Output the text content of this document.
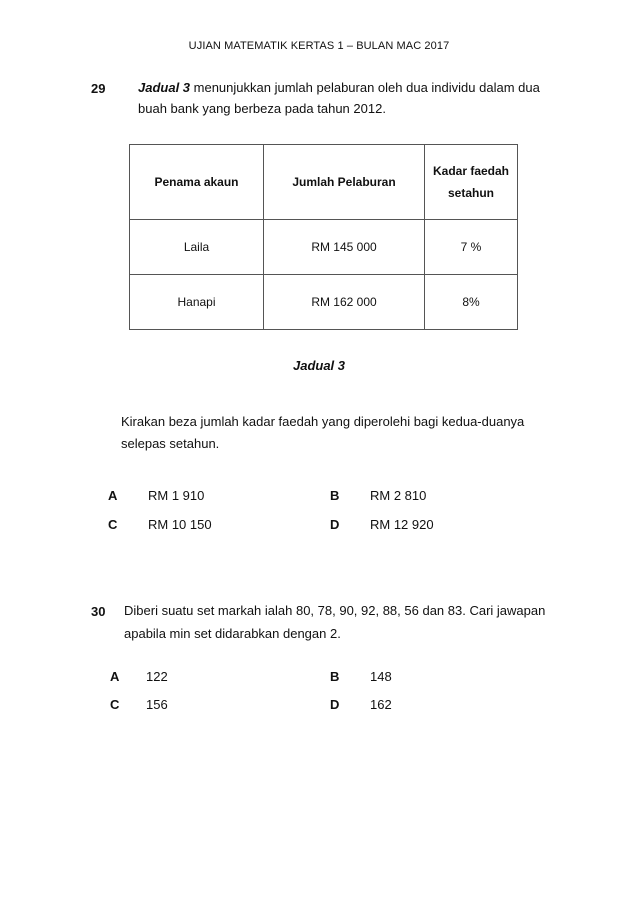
UJIAN MATEMATIK KERTAS 1 – BULAN MAC 2017
29	Jadual 3 menunjukkan jumlah pelaburan oleh dua individu dalam dua
buah bank yang berbeza pada tahun 2012.
Penama akaun	Jumlah Pelaburan	Kadar faedah setahun
Laila	RM 145 000	7 %
Hanapi	RM 162 000	8%
Jadual 3
Kirakan beza jumlah kadar faedah yang diperolehi bagi kedua-duanya
selepas setahun.
A RM 1 910	B RM 2 810
C RM 10 150	D RM 12 920
30 Diberi suatu set markah ialah 80, 78, 90, 92, 88, 56 dan 83. Cari jawapan
apabila min set didarabkan dengan 2.
A 122	B 148
C 156	D 162
